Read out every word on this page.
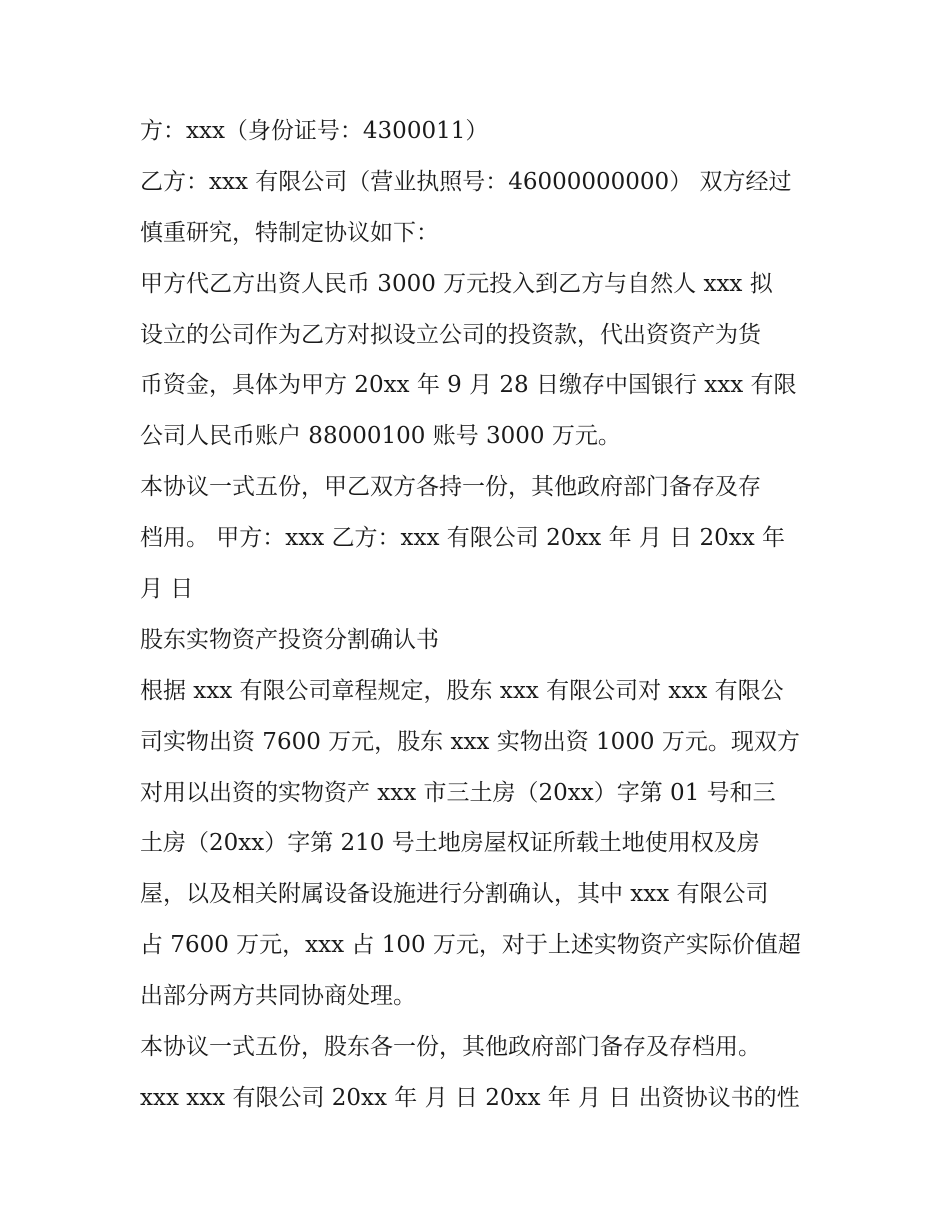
方：xxx（身份证号：4300011）
乙方：xxx 有限公司（营业执照号：46000000000） 双方经过
慎重研究，特制定协议如下：
甲方代乙方出资人民币 3000 万元投入到乙方与自然人 xxx 拟
设立的公司作为乙方对拟设立公司的投资款，代出资资产为货
币资金，具体为甲方 20xx 年 9 月 28 日缴存中国银行 xxx 有限
公司人民币账户 88000100 账号 3000 万元。
本协议一式五份，甲乙双方各持一份，其他政府部门备存及存
档用。 甲方：xxx 乙方：xxx 有限公司 20xx 年 月 日 20xx 年
月 日
股东实物资产投资分割确认书
根据 xxx 有限公司章程规定，股东 xxx 有限公司对 xxx 有限公
司实物出资 7600 万元，股东 xxx 实物出资 1000 万元。现双方
对用以出资的实物资产 xxx 市三土房（20xx）字第 01 号和三
土房（20xx）字第 210 号土地房屋权证所载土地使用权及房
屋，以及相关附属设备设施进行分割确认，其中 xxx 有限公司
占 7600 万元，xxx 占 100 万元，对于上述实物资产实际价值超
出部分两方共同协商处理。
本协议一式五份，股东各一份，其他政府部门备存及存档用。
xxx xxx 有限公司 20xx 年 月 日 20xx 年 月 日 出资协议书的性
